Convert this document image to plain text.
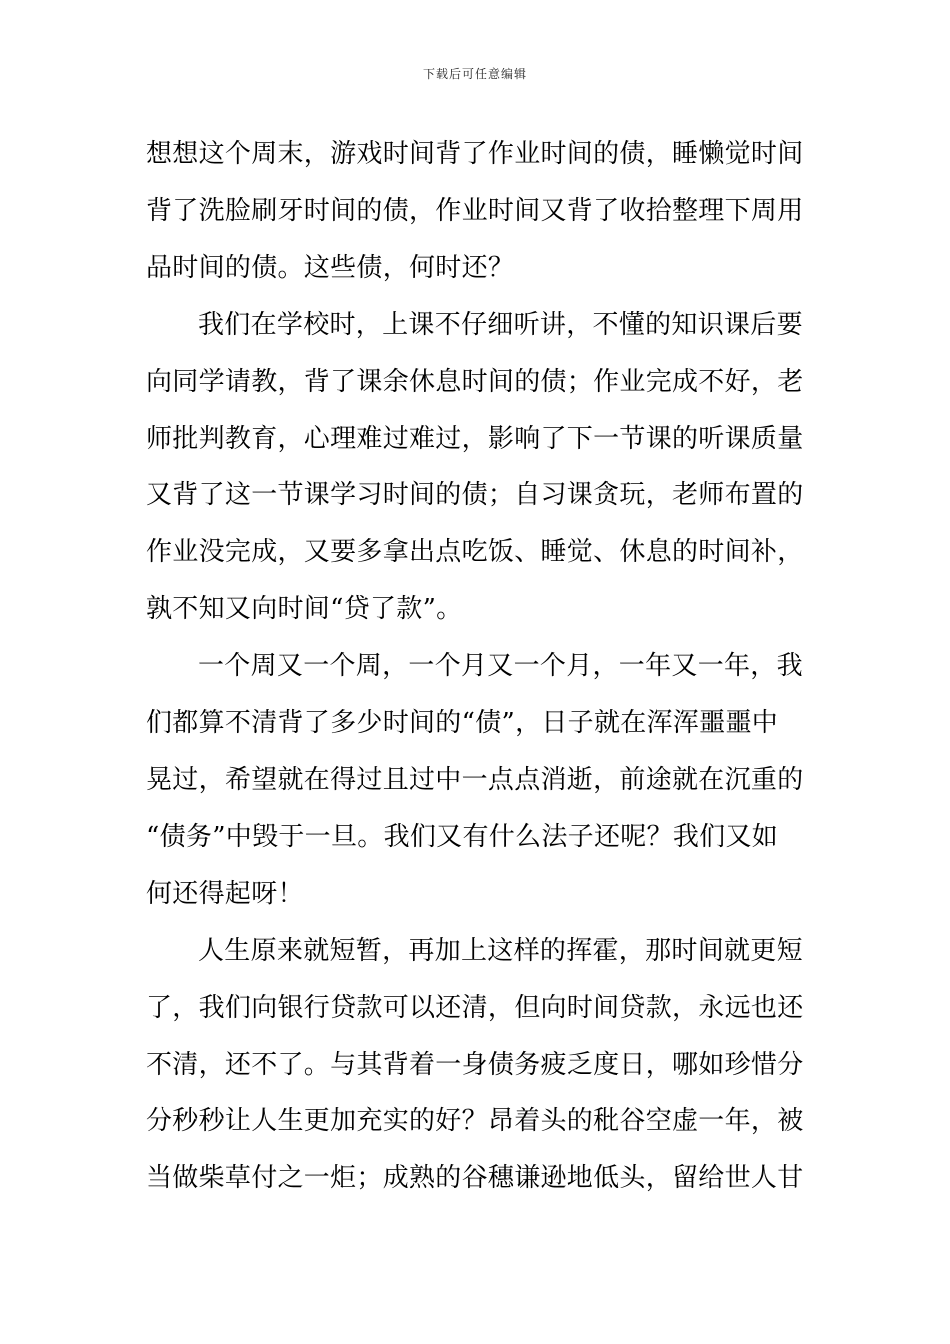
下载后可任意编辑
想想这个周末，游戏时间背了作业时间的债，睡懒觉时间
背了洗脸刷牙时间的债，作业时间又背了收拾整理下周用
品时间的债。这些债，何时还？
我们在学校时，上课不仔细听讲，不懂的知识课后要
向同学请教，背了课余休息时间的债；作业完成不好，老
师批判教育，心理难过难过，影响了下一节课的听课质量
又背了这一节课学习时间的债；自习课贪玩，老师布置的
作业没完成，又要多拿出点吃饭、睡觉、休息的时间补，
孰不知又向时间“贷了款”。
一个周又一个周，一个月又一个月，一年又一年，我
们都算不清背了多少时间的“债”，日子就在浑浑噩噩中
晃过，希望就在得过且过中一点点消逝，前途就在沉重的
“债务”中毁于一旦。我们又有什么法子还呢？我们又如
何还得起呀！
人生原来就短暂，再加上这样的挥霍，那时间就更短
了，我们向银行贷款可以还清，但向时间贷款，永远也还
不清，还不了。与其背着一身债务疲乏度日，哪如珍惜分
分秒秒让人生更加充实的好？昂着头的秕谷空虚一年，被
当做柴草付之一炬；成熟的谷穗谦逊地低头，留给世人甘
